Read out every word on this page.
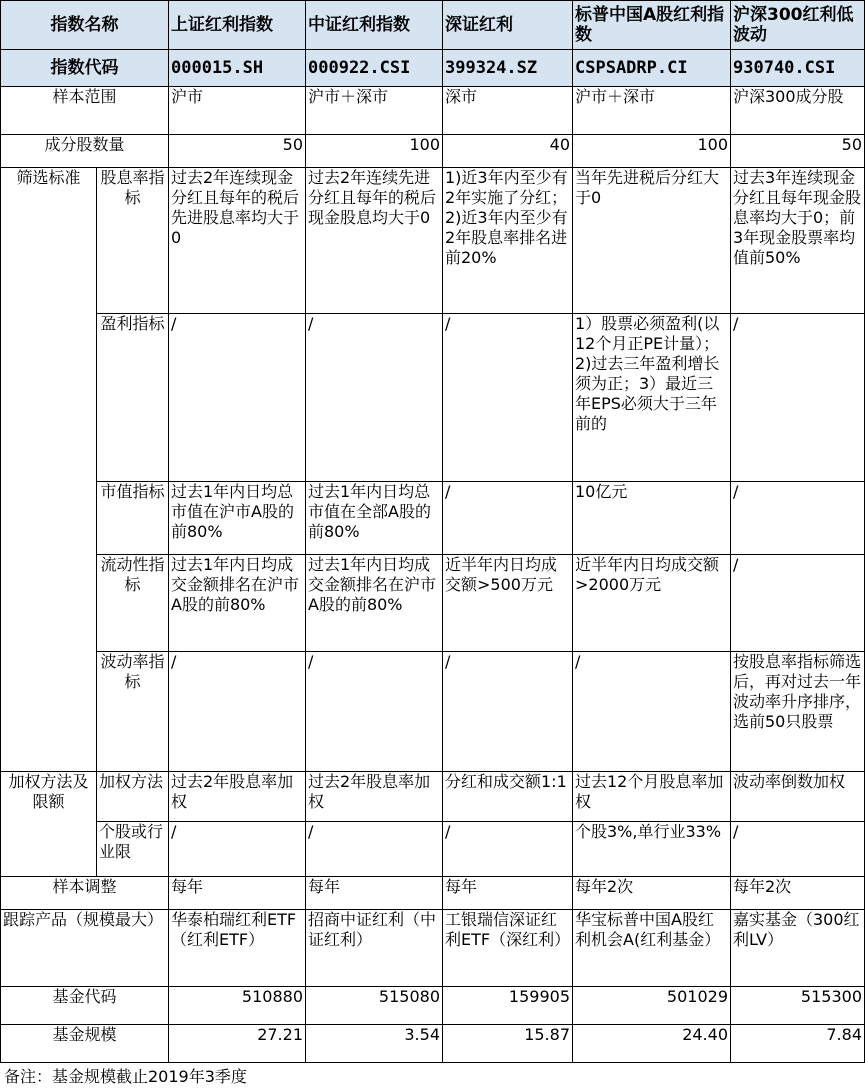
指数名称		上证红利指数	中证红利指数	深证红利	标普中国A股红利指数	沪深300红利低波动
指数代码		000015.SH	000922.CSI	399324.SZ	CSPSADRP.CI	930740.CSI
样本范围		沪市	沪市＋深市	深市	沪市＋深市	沪深300成分股
成分股数量		50	100	40	100	50
筛选标准	股息率指标	过去2年连续现金分红且每年的税后先进股息率均大于0	过去2年连续先进分红且每年的税后现金股息均大于0	1)近3年内至少有2年实施了分红；2)近3年内至少有2年股息率排名进前20%	当年先进税后分红大于0	过去3年连续现金分红且每年现金股息率均大于0；前3年现金股票率均值前50%
	盈利指标	/	/	/	1）股票必须盈利(以12个月正PE计量）；2)过去三年盈利增长须为正；3）最近三年EPS必须大于三年前的	/
	市值指标	过去1年内日均总市值在沪市A股的前80%	过去1年内日均总市值在全部A股的前80%	/	10亿元	/
	流动性指标	过去1年内日均成交金额排名在沪市A股的前80%	过去1年内日均成交金额排名在沪市A股的前80%	近半年内日均成交额>500万元	近半年内日均成交额>2000万元	/
	波动率指标	/	/	/	/	按股息率指标筛选后，再对过去一年波动率升序排序，选前50只股票
加权方法及限额	加权方法	过去2年股息率加权	过去2年股息率加权	分红和成交额1:1	过去12个月股息率加权	波动率倒数加权
	个股或行业限	/	/	/	个股3%,单行业33%	/
样本调整		每年	每年	每年	每年2次	每年2次
跟踪产品（规模最大）		华泰柏瑞红利ETF（红利ETF）	招商中证红利（中证红利）	工银瑞信深证红利ETF（深红利）	华宝标普中国A股红利机会A(红利基金）	嘉实基金（300红利LV）
基金代码		510880	515080	159905	501029	515300
基金规模		27.21	3.54	15.87	24.40	7.84
备注：基金规模截止2019年3季度
